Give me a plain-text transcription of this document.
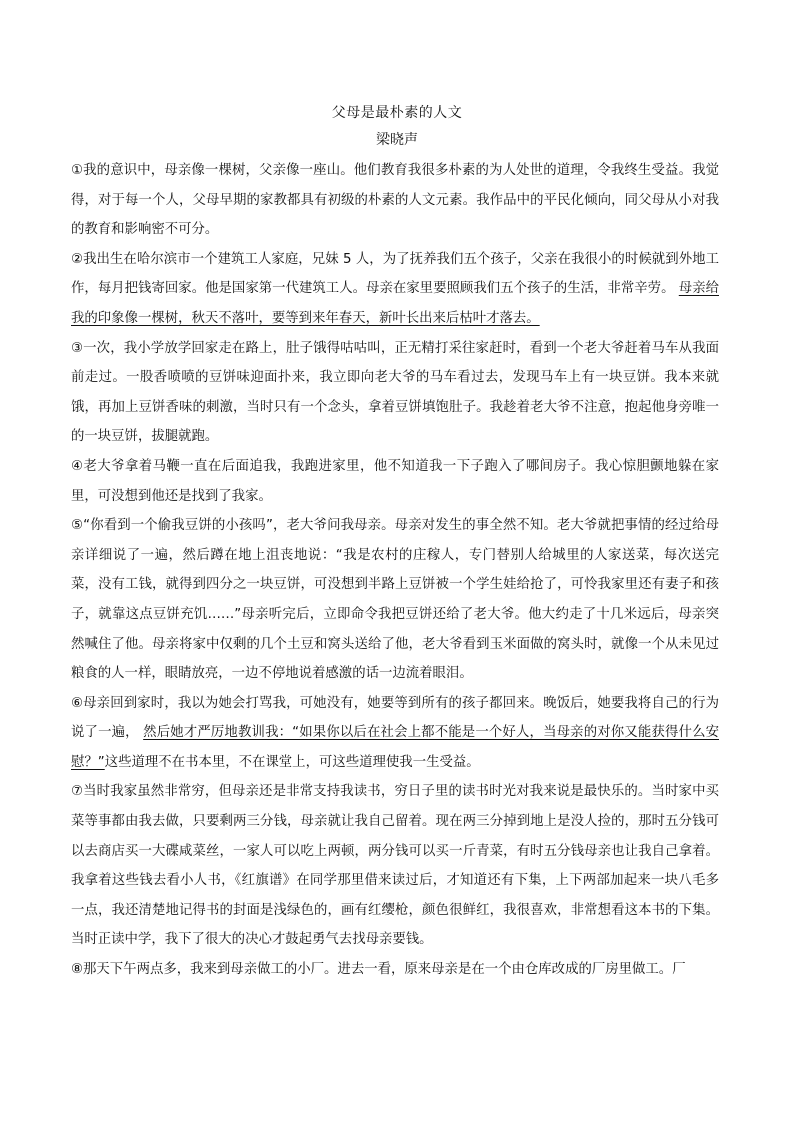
父母是最朴素的人文
梁晓声

①我的意识中，母亲像一棵树，父亲像一座山。他们教育我很多朴素的为人处世的道理，令我终生受益。我觉得，对于每一个人，父母早期的家教都具有初级的朴素的人文元素。我作品中的平民化倾向，同父母从小对我的教育和影响密不可分。

②我出生在哈尔滨市一个建筑工人家庭，兄妹 5 人，为了抚养我们五个孩子，父亲在我很小的时候就到外地工作，每月把钱寄回家。他是国家第一代建筑工人。母亲在家里要照顾我们五个孩子的生活，非常辛劳。 母亲给我的印象像一棵树，秋天不落叶，要等到来年春天，新叶长出来后枯叶才落去。

③一次，我小学放学回家走在路上，肚子饿得咕咕叫，正无精打采往家赶时，看到一个老大爷赶着马车从我面前走过。一股香喷喷的豆饼味迎面扑来，我立即向老大爷的马车看过去，发现马车上有一块豆饼。我本来就饿，再加上豆饼香味的刺激，当时只有一个念头，拿着豆饼填饱肚子。我趁着老大爷不注意，抱起他身旁唯一的一块豆饼，拔腿就跑。

④老大爷拿着马鞭一直在后面追我，我跑进家里，他不知道我一下子跑入了哪间房子。我心惊胆颤地躲在家里，可没想到他还是找到了我家。

⑤“你看到一个偷我豆饼的小孩吗”，老大爷问我母亲。母亲对发生的事全然不知。老大爷就把事情的经过给母亲详细说了一遍，然后蹲在地上沮丧地说：“我是农村的庄稼人，专门替别人给城里的人家送菜，每次送完菜，没有工钱，就得到四分之一块豆饼，可没想到半路上豆饼被一个学生娃给抢了，可怜我家里还有妻子和孩子，就靠这点豆饼充饥……”母亲听完后，立即命令我把豆饼还给了老大爷。他大约走了十几米远后，母亲突然喊住了他。母亲将家中仅剩的几个土豆和窝头送给了他，老大爷看到玉米面做的窝头时，就像一个从未见过粮食的人一样，眼睛放亮，一边不停地说着感激的话一边流着眼泪。

⑥母亲回到家时，我以为她会打骂我，可她没有，她要等到所有的孩子都回来。晚饭后，她要我将自己的行为说了一遍， 然后她才严厉地教训我：“如果你以后在社会上都不能是一个好人，当母亲的对你又能获得什么安慰？”这些道理不在书本里，不在课堂上，可这些道理使我一生受益。

⑦当时我家虽然非常穷，但母亲还是非常支持我读书，穷日子里的读书时光对我来说是最快乐的。当时家中买菜等事都由我去做，只要剩两三分钱，母亲就让我自己留着。现在两三分掉到地上是没人捡的，那时五分钱可以去商店买一大碟咸菜丝，一家人可以吃上两顿，两分钱可以买一斤青菜，有时五分钱母亲也让我自己拿着。我拿着这些钱去看小人书，《红旗谱》在同学那里借来读过后，才知道还有下集，上下两部加起来一块八毛多一点，我还清楚地记得书的封面是浅绿色的，画有红缨枪，颜色很鲜红，我很喜欢，非常想看这本书的下集。当时正读中学，我下了很大的决心才鼓起勇气去找母亲要钱。

⑧那天下午两点多，我来到母亲做工的小厂。进去一看，原来母亲是在一个由仓库改成的厂房里做工。厂
